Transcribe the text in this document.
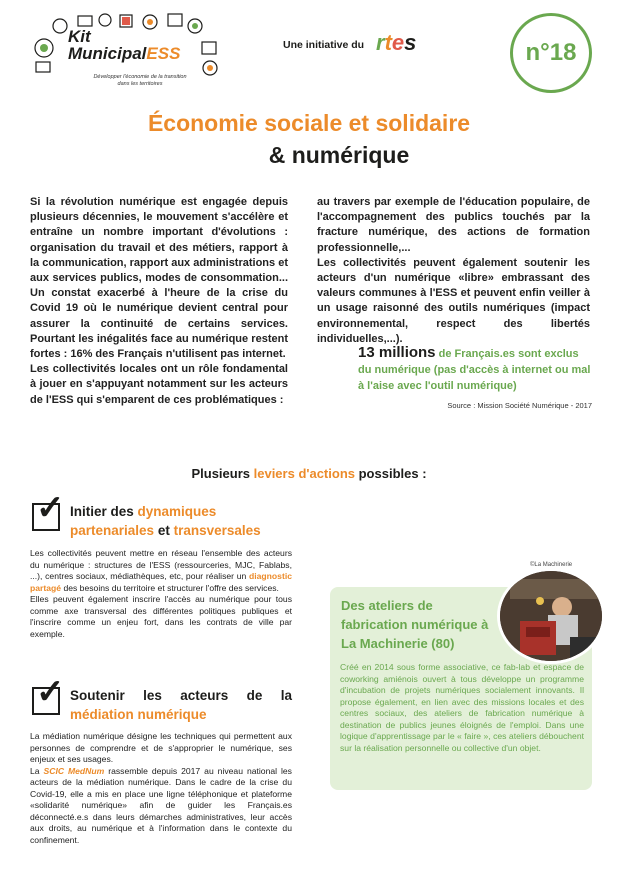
Kit
MunicipalESS
Développer l'économie de la transition
dans les territoires
Une initiative du rtes	n°18
Économie sociale et solidaire
& numérique
Si la révolution numérique est engagée depuis plusieurs décennies, le mouvement s'accélère et entraîne un nombre important d'évolutions : organisation du travail et des métiers, rapport à la communication, rapport aux administrations et aux services publics, modes de consommation... Un constat exacerbé à l'heure de la crise du Covid 19 où le numérique devient central pour assurer la continuité de certains services. Pourtant les inégalités face au numérique restent fortes : 16% des Français n'utilisent pas internet.
Les collectivités locales ont un rôle fondamental à jouer en s'appuyant notamment sur les acteurs de l'ESS qui s'emparent de ces problématiques :
au travers par exemple de l'éducation populaire, de l'accompagnement des publics touchés par la fracture numérique, des actions de formation professionnelle,...
Les collectivités peuvent également soutenir les acteurs d'un numérique «libre» embrassant des valeurs communes à l'ESS et peuvent enfin veiller à un usage raisonné des outils numériques (impact environnemental, respect des libertés individuelles,...).
13 millions de Français.es sont exclus du numérique (pas d'accès à internet ou mal à l'aise avec l'outil numérique)
Source : Mission Société Numérique - 2017
Plusieurs leviers d'actions possibles :
✓ Initier des dynamiques partenariales et transversales
Les collectivités peuvent mettre en réseau l'ensemble des acteurs du numérique : structures de l'ESS (ressourceries, MJC, Fablabs, ...), centres sociaux, médiathèques, etc, pour réaliser un diagnostic partagé des besoins du territoire et structurer l'offre des services.
Elles peuvent également inscrire l'accès au numérique pour tous comme axe transversal des différentes politiques publiques et l'inscrire comme un enjeu fort, dans les contrats de ville par exemple.
✓ Soutenir les acteurs de la médiation numérique
La médiation numérique désigne les techniques qui permettent aux personnes de comprendre et de s'approprier le numérique, ses enjeux et ses usages.
La SCIC MedNum rassemble depuis 2017 au niveau national les acteurs de la médiation numérique. Dans le cadre de la crise du Covid-19, elle a mis en place une ligne téléphonique et plateforme «solidarité numérique» afin de guider les Français.es déconnecté.e.s dans leurs démarches administratives, leur accès aux droits, au numérique et à l'information dans le contexte du confinement.
©La Machinerie
Des ateliers de fabrication numérique à La Machinerie (80)
Créé en 2014 sous forme associative, ce fab-lab et espace de coworking amiénois ouvert à tous développe un programme d'incubation de projets numériques socialement innovants. Il propose également, en lien avec des missions locales et des centres sociaux, des ateliers de fabrication numérique à destination de publics jeunes éloignés de l'emploi. Dans une logique d'apprentissage par le « faire », ces ateliers débouchent sur la réalisation personnelle ou collective d'un objet.
